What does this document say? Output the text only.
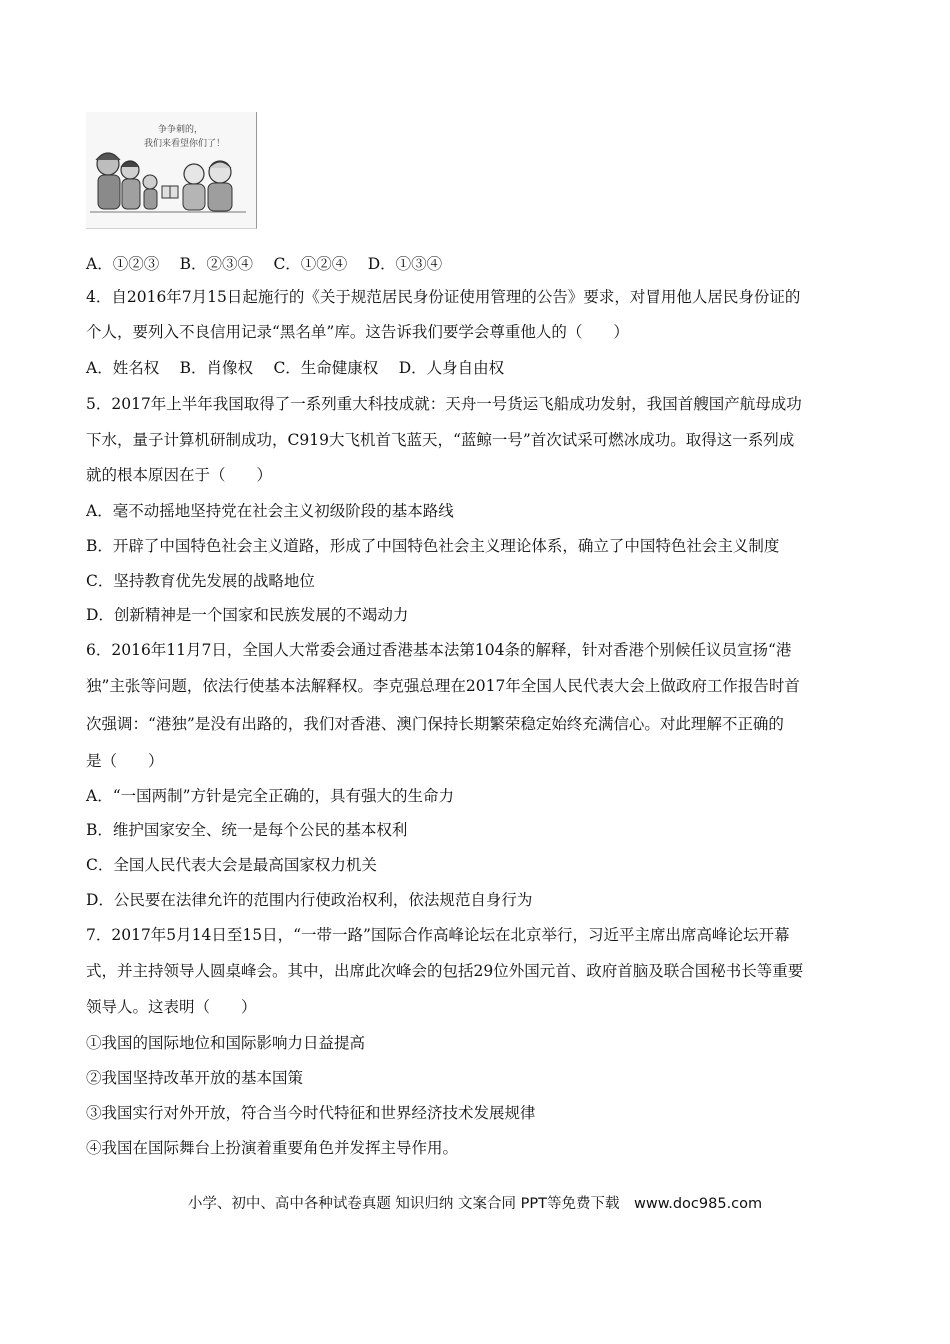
争争刺的，
我们来看望你们了！
A．①②③　 B．②③④　 C．①②④　 D．①③④
4．自2016年7月15日起施行的《关于规范居民身份证使用管理的公告》要求，对冒用他人居民身份证的
个人，要列入不良信用记录“黑名单”库。这告诉我们要学会尊重他人的（　　）
A．姓名权　 B．肖像权　 C．生命健康权　 D．人身自由权
5．2017年上半年我国取得了一系列重大科技成就：天舟一号货运飞船成功发射，我国首艘国产航母成功
下水，量子计算机研制成功，C919大飞机首飞蓝天，“蓝鲸一号”首次试采可燃冰成功。取得这一系列成
就的根本原因在于（　　）
A．毫不动摇地坚持党在社会主义初级阶段的基本路线
B．开辟了中国特色社会主义道路，形成了中国特色社会主义理论体系，确立了中国特色社会主义制度
C．坚持教育优先发展的战略地位
D．创新精神是一个国家和民族发展的不竭动力
6．2016年11月7日，全国人大常委会通过香港基本法第104条的解释，针对香港个别候任议员宣扬“港
独”主张等问题，依法行使基本法解释权。李克强总理在2017年全国人民代表大会上做政府工作报告时首
次强调：“港独”是没有出路的，我们对香港、澳门保持长期繁荣稳定始终充满信心。对此理解不正确的
是（　　）
A．“一国两制”方针是完全正确的，具有强大的生命力
B．维护国家安全、统一是每个公民的基本权利
C．全国人民代表大会是最高国家权力机关
D．公民要在法律允许的范围内行使政治权利，依法规范自身行为
7．2017年5月14日至15日，“一带一路”国际合作高峰论坛在北京举行，习近平主席出席高峰论坛开幕
式，并主持领导人圆桌峰会。其中，出席此次峰会的包括29位外国元首、政府首脑及联合国秘书长等重要
领导人。这表明（　　）
①我国的国际地位和国际影响力日益提高
②我国坚持改革开放的基本国策
③我国实行对外开放，符合当今时代特征和世界经济技术发展规律
④我国在国际舞台上扮演着重要角色并发挥主导作用。
小学、初中、高中各种试卷真题 知识归纳 文案合同 PPT等免费下载　www.doc985.com
